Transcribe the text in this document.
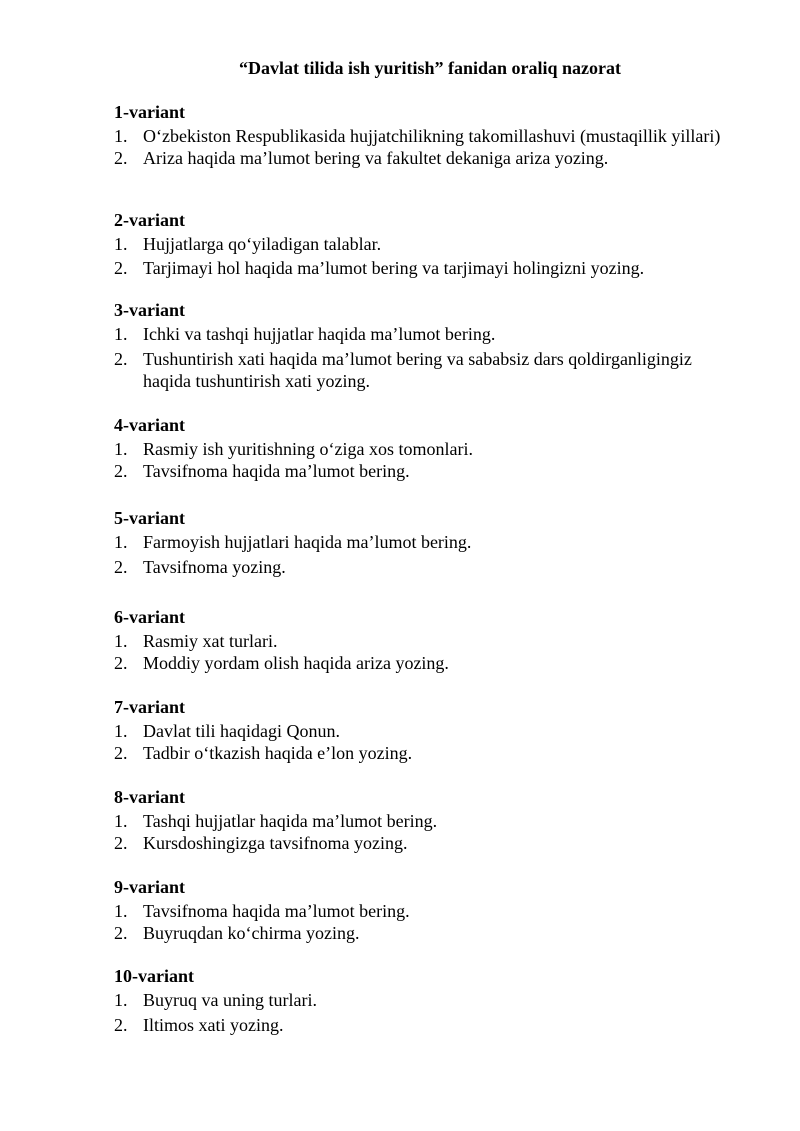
“Davlat tilida ish yuritish” fanidan oraliq nazorat
1-variant
1. O‘zbekiston Respublikasida hujjatchilikning takomillashuvi (mustaqillik yillari)
2. Ariza haqida ma’lumot bering va fakultet dekaniga ariza yozing.
2-variant
1. Hujjatlarga qo‘yiladigan talablar.
2. Tarjimayi hol haqida ma’lumot bering va tarjimayi holingizni yozing.
3-variant
1. Ichki va tashqi hujjatlar haqida ma’lumot bering.
2. Tushuntirish xati haqida ma’lumot bering va sababsiz dars qoldirganligingiz haqida tushuntirish xati yozing.
4-variant
1. Rasmiy ish yuritishning o‘ziga xos tomonlari.
2. Tavsifnoma haqida ma’lumot bering.
5-variant
1. Farmoyish hujjatlari haqida ma’lumot bering.
2. Tavsifnoma yozing.
6-variant
1. Rasmiy xat turlari.
2. Moddiy yordam olish haqida ariza yozing.
7-variant
1. Davlat tili haqidagi Qonun.
2. Tadbir o‘tkazish haqida e’lon yozing.
8-variant
1. Tashqi hujjatlar haqida ma’lumot bering.
2. Kursdoshingizga tavsifnoma yozing.
9-variant
1. Tavsifnoma haqida ma’lumot bering.
2. Buyruqdan ko‘chirma yozing.
10-variant
1. Buyruq va uning turlari.
2. Iltimos xati yozing.
